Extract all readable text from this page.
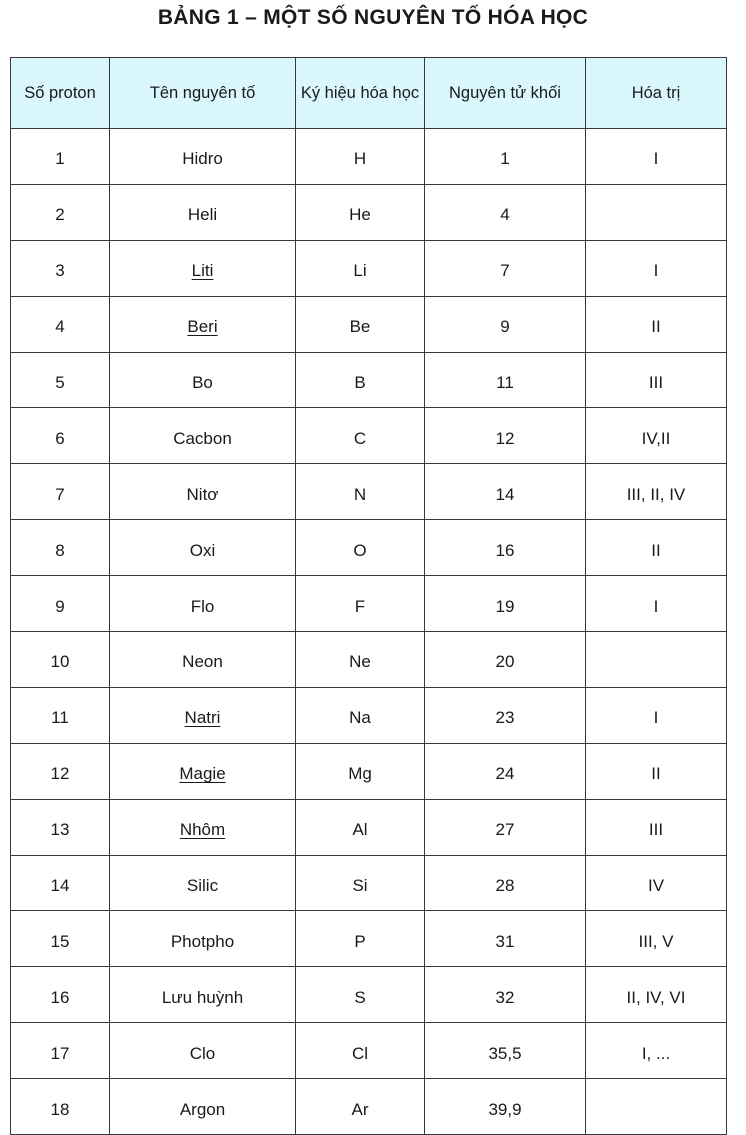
BẢNG 1 – MỘT SỐ NGUYÊN TỐ HÓA HỌC
Số proton	Tên nguyên tố	Ký hiệu hóa học	Nguyên tử khối	Hóa trị
1	Hidro	H	1	I
2	Heli	He	4	
3	Liti	Li	7	I
4	Beri	Be	9	II
5	Bo	B	11	III
6	Cacbon	C	12	IV,II
7	Nitơ	N	14	III, II, IV
8	Oxi	O	16	II
9	Flo	F	19	I
10	Neon	Ne	20	
11	Natri	Na	23	I
12	Magie	Mg	24	II
13	Nhôm	Al	27	III
14	Silic	Si	28	IV
15	Photpho	P	31	III, V
16	Lưu huỳnh	S	32	II, IV, VI
17	Clo	Cl	35,5	I, ...
18	Argon	Ar	39,9	
